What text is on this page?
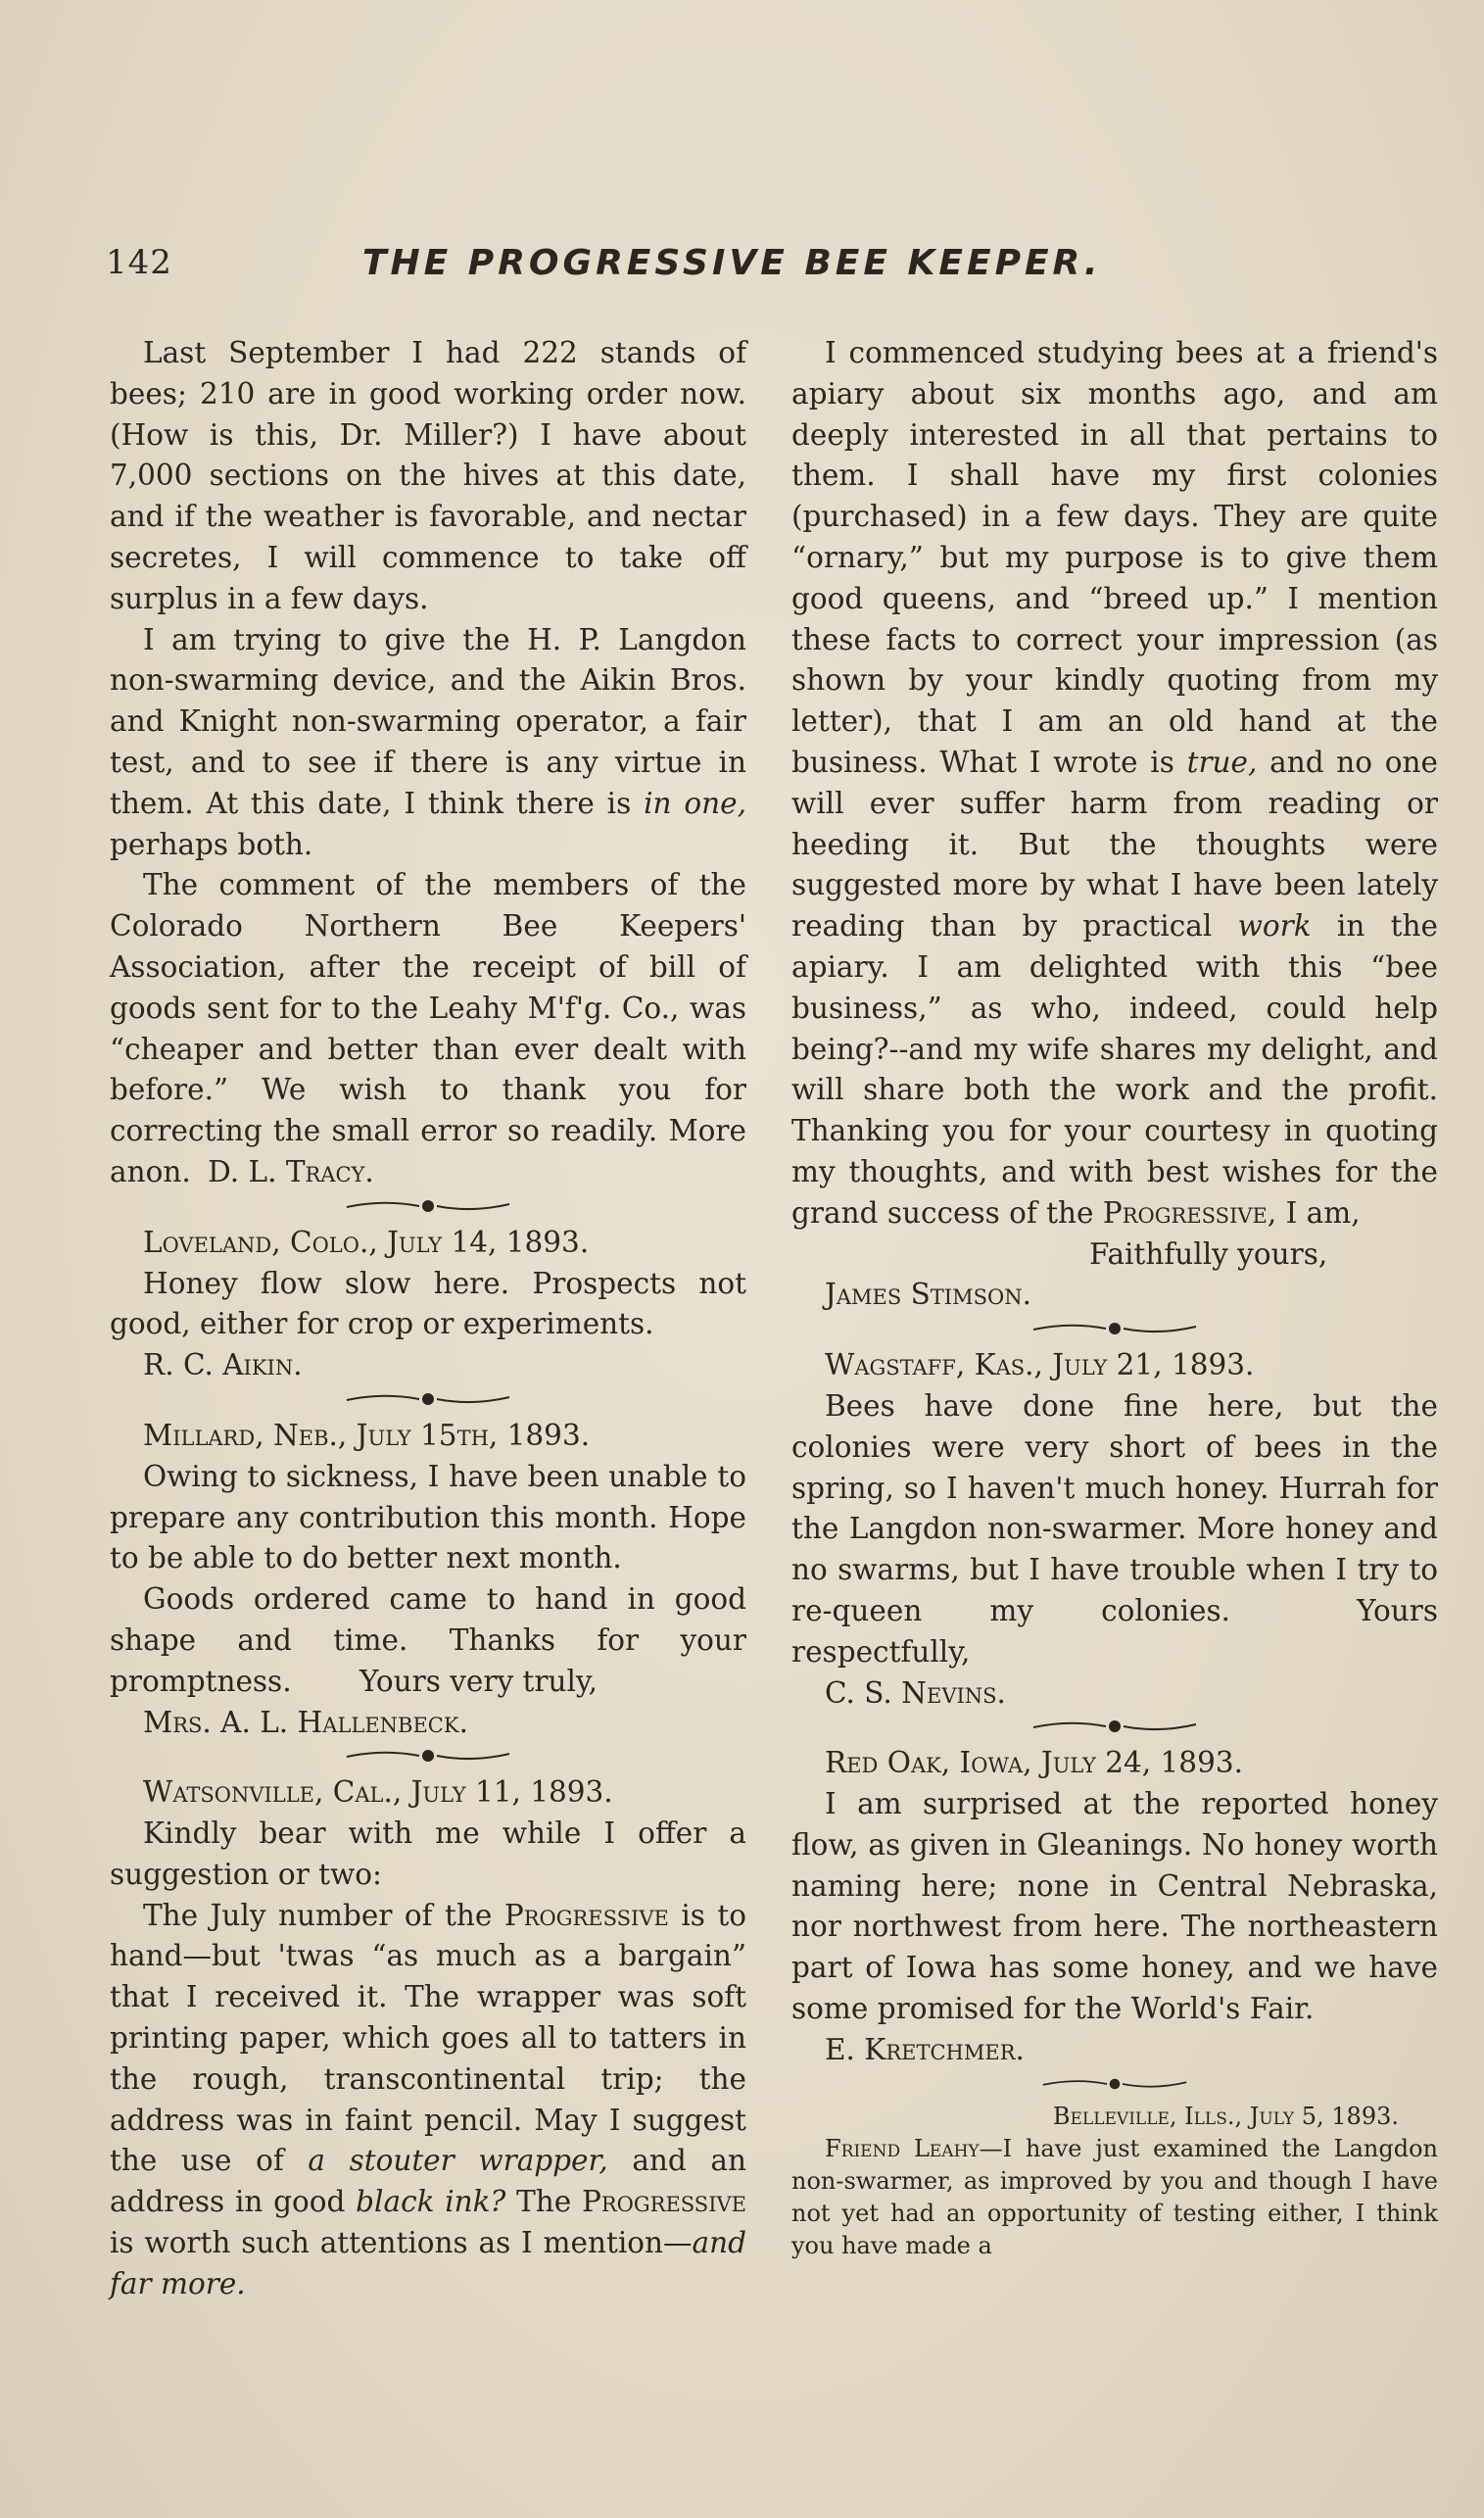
142	THE PROGRESSIVE BEE KEEPER.

Last September I had 222 stands of bees; 210 are in good working order now. (How is this, Dr. Miller?) I have about 7,000 sections on the hives at this date, and if the weather is favorable, and nectar secretes, I will commence to take off surplus in a few days.

I am trying to give the H. P. Langdon non-swarming device, and the Aikin Bros. and Knight non-swarming operator, a fair test, and to see if there is any virtue in them. At this date, I think there is in one, perhaps both.

The comment of the members of the Colorado Northern Bee Keepers' Association, after the receipt of bill of goods sent for to the Leahy M'f'g. Co., was “cheaper and better than ever dealt with before.” We wish to thank you for correcting the small error so readily. More anon. D. L. Tracy.

Loveland, Colo., July 14, 1893.

Honey flow slow here. Prospects not good, either for crop or experiments.

R. C. Aikin.

Millard, Neb., July 15th, 1893.

Owing to sickness, I have been unable to prepare any contribution this month. Hope to be able to do better next month.

Goods ordered came to hand in good shape and time. Thanks for your promptness. Yours very truly,

Mrs. A. L. Hallenbeck.

Watsonville, Cal., July 11, 1893.

Kindly bear with me while I offer a suggestion or two:

The July number of the Progressive is to hand—but 'twas “as much as a bargain” that I received it. The wrapper was soft printing paper, which goes all to tatters in the rough, transcontinental trip; the address was in faint pencil. May I suggest the use of a stouter wrapper, and an address in good black ink? The Progressive is worth such attentions as I mention—and far more.

I commenced studying bees at a friend's apiary about six months ago, and am deeply interested in all that pertains to them. I shall have my first colonies (purchased) in a few days. They are quite “ornary,” but my purpose is to give them good queens, and “breed up.” I mention these facts to correct your impression (as shown by your kindly quoting from my letter), that I am an old hand at the business. What I wrote is true, and no one will ever suffer harm from reading or heeding it. But the thoughts were suggested more by what I have been lately reading than by practical work in the apiary. I am delighted with this “bee business,” as who, indeed, could help being?--and my wife shares my delight, and will share both the work and the profit. Thanking you for your courtesy in quoting my thoughts, and with best wishes for the grand success of the Progressive, I am,

Faithfully yours,

James Stimson.

Wagstaff, Kas., July 21, 1893.

Bees have done fine here, but the colonies were very short of bees in the spring, so I haven't much honey. Hurrah for the Langdon non-swarmer. More honey and no swarms, but I have trouble when I try to re-queen my colonies.	Yours respectfully,

C. S. Nevins.

Red Oak, Iowa, July 24, 1893.

I am surprised at the reported honey flow, as given in Gleanings. No honey worth naming here; none in Central Nebraska, nor northwest from here. The northeastern part of Iowa has some honey, and we have some promised for the World's Fair.

E. Kretchmer.

Belleville, Ills., July 5, 1893.

Friend Leahy—I have just examined the Langdon non-swarmer, as improved by you and though I have not yet had an opportunity of testing either, I think you have made a
